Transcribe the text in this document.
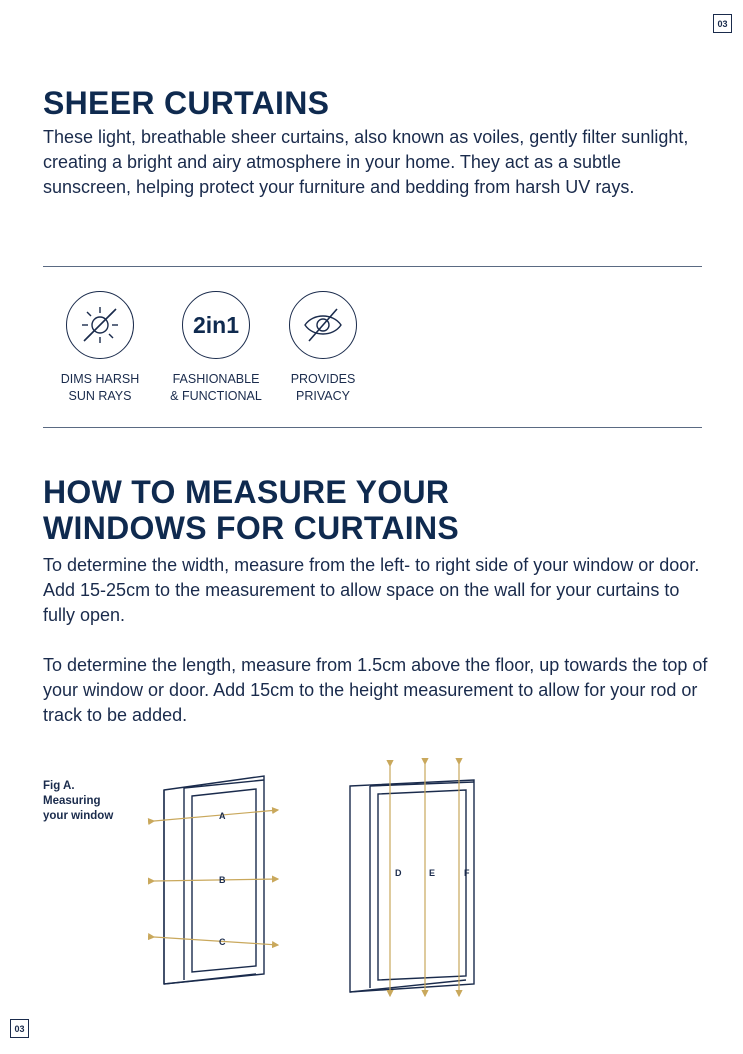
03
SHEER CURTAINS

These light, breathable sheer curtains, also known as voiles, gently filter sunlight, creating a bright and airy atmosphere in your home. They act as a subtle sunscreen, helping protect your furniture and bedding from harsh UV rays.

DIMS HARSH
SUN RAYS
2in1
FASHIONABLE
& FUNCTIONAL
PROVIDES
PRIVACY
HOW TO MEASURE YOUR
WINDOWS FOR CURTAINS

To determine the width, measure from the left- to right side of your window or door. Add 15-25cm to the measurement to allow space on the wall for your curtains to fully open.

To determine the length, measure from 1.5cm above the floor, up towards the top of your window or door. Add 15cm to the height measurement to allow for your rod or track to be added.

Fig A.
Measuring
your window	A
B
C
D	E	F
03
